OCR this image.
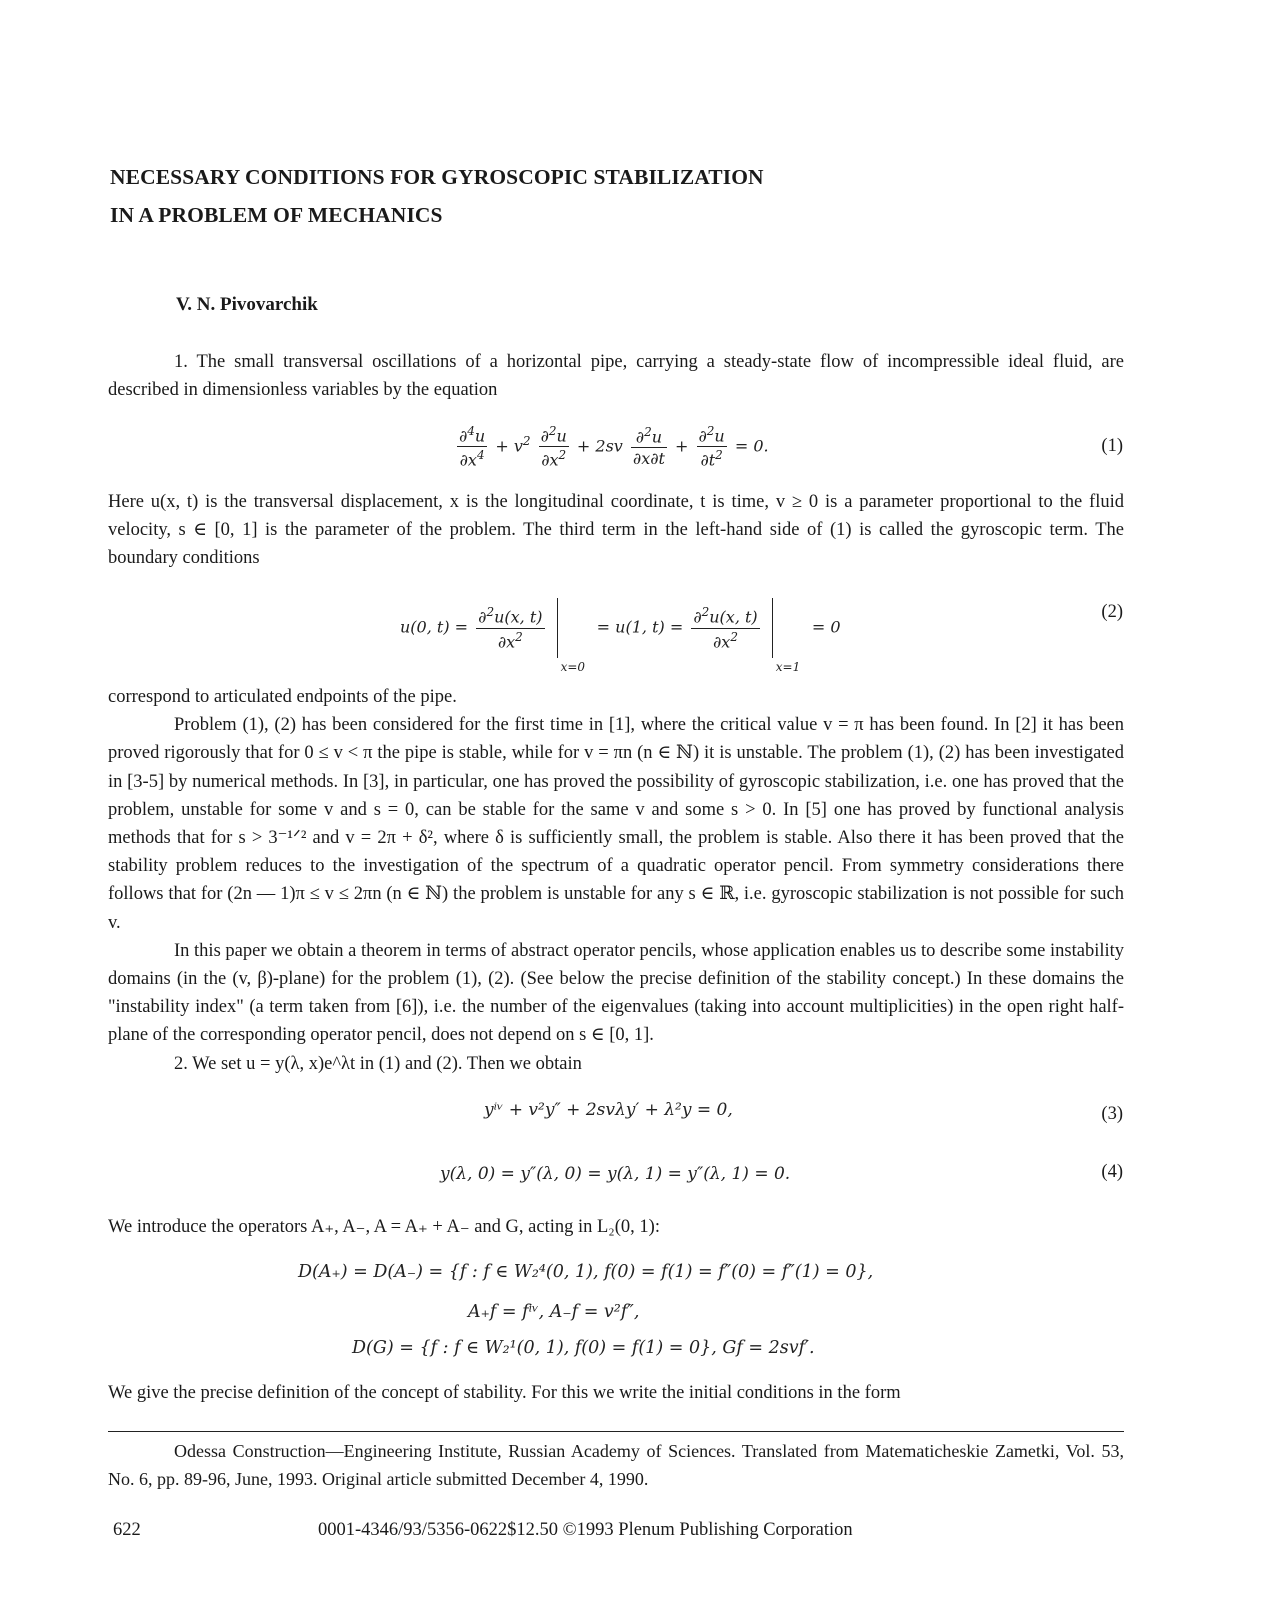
NECESSARY CONDITIONS FOR GYROSCOPIC STABILIZATION
IN A PROBLEM OF MECHANICS
V. N. Pivovarchik

1. The small transversal oscillations of a horizontal pipe, carrying a steady-state flow of incompressible ideal fluid, are described in dimensionless variables by the equation

$\frac{\partial^4u}{\partial x^4} + v^2 \frac{\partial^2u}{\partial x^2} + 2sv \frac{\partial^2u}{\partial x\partial t} + \frac{\partial^2u}{\partial t^2} = 0$.	(1)

Here u(x, t) is the transversal displacement, x is the longitudinal coordinate, t is time, v ≥ 0 is a parameter proportional to the fluid velocity, s ∈ [0, 1] is the parameter of the problem. The third term in the left-hand side of (1) is called the gyroscopic term. The boundary conditions

u(0, $t) = \frac{\partial^2u(x, t)}{\partial x^2}$

x=0
= u(1, $t) = \frac{\partial^2u(x, t)}{\partial x^2}$

x=1
= 0
(2)

correspond to articulated endpoints of the pipe.

Problem (1), (2) has been considered for the first time in [1], where the critical value v = π has been found. In [2] it has been proved rigorously that for 0 ≤ v < π the pipe is stable, while for v = πn (n ∈ ℕ) it is unstable. The problem (1), (2) has been investigated in [3-5] by numerical methods. In [3], in particular, one has proved the possibility of gyroscopic stabilization, i.e. one has proved that the problem, unstable for some v and s = 0, can be stable for the same v and some s > 0. In [5] one has proved by functional analysis methods that for s > 3⁻¹ᐟ² and v = 2π + δ², where δ is sufficiently small, the problem is stable. Also there it has been proved that the stability problem reduces to the investigation of the spectrum of a quadratic operator pencil. From symmetry considerations there follows that for (2n — 1)π ≤ v ≤ 2πn (n ∈ ℕ) the problem is unstable for any s ∈ ℝ, i.e. gyroscopic stabilization is not possible for such v.

In this paper we obtain a theorem in terms of abstract operator pencils, whose application enables us to describe some instability domains (in the (v, β)-plane) for the problem (1), (2). (See below the precise definition of the stability concept.) In these domains the "instability index" (a term taken from [6]), i.e. the number of the eigenvalues (taking into account multiplicities) in the open right half-plane of the corresponding operator pencil, does not depend on s ∈ [0, 1].

2. We set u = y(λ, x)e^λt in (1) and (2). Then we obtain

yⁱᵛ + v²y″ + 2svλy′ + λ²y = 0,	(3)
y(λ, 0) = y″(λ, 0) = y(λ, 1) = y″(λ, 1) = 0.	(4)

We introduce the operators A₊, A₋, A = A₊ + A₋ and G, acting in L₂(0, 1):

D(A₊) = D(A₋) = {f : f ∈ W₂⁴(0, 1), f(0) = f(1) = f″(0) = f″(1) = 0},
A₊f = fⁱᵛ, A₋f = v²f″,
D(G) = {f : f ∈ W₂¹(0, 1), f(0) = f(1) = 0}, Gf = 2svf′.

We give the precise definition of the concept of stability. For this we write the initial conditions in the form

Odessa Construction—Engineering Institute, Russian Academy of Sciences. Translated from Matematicheskie Zametki, Vol. 53, No. 6, pp. 89-96, June, 1993. Original article submitted December 4, 1990.

622	0001-4346/93/5356-0622$12.50 ©1993 Plenum Publishing Corporation
